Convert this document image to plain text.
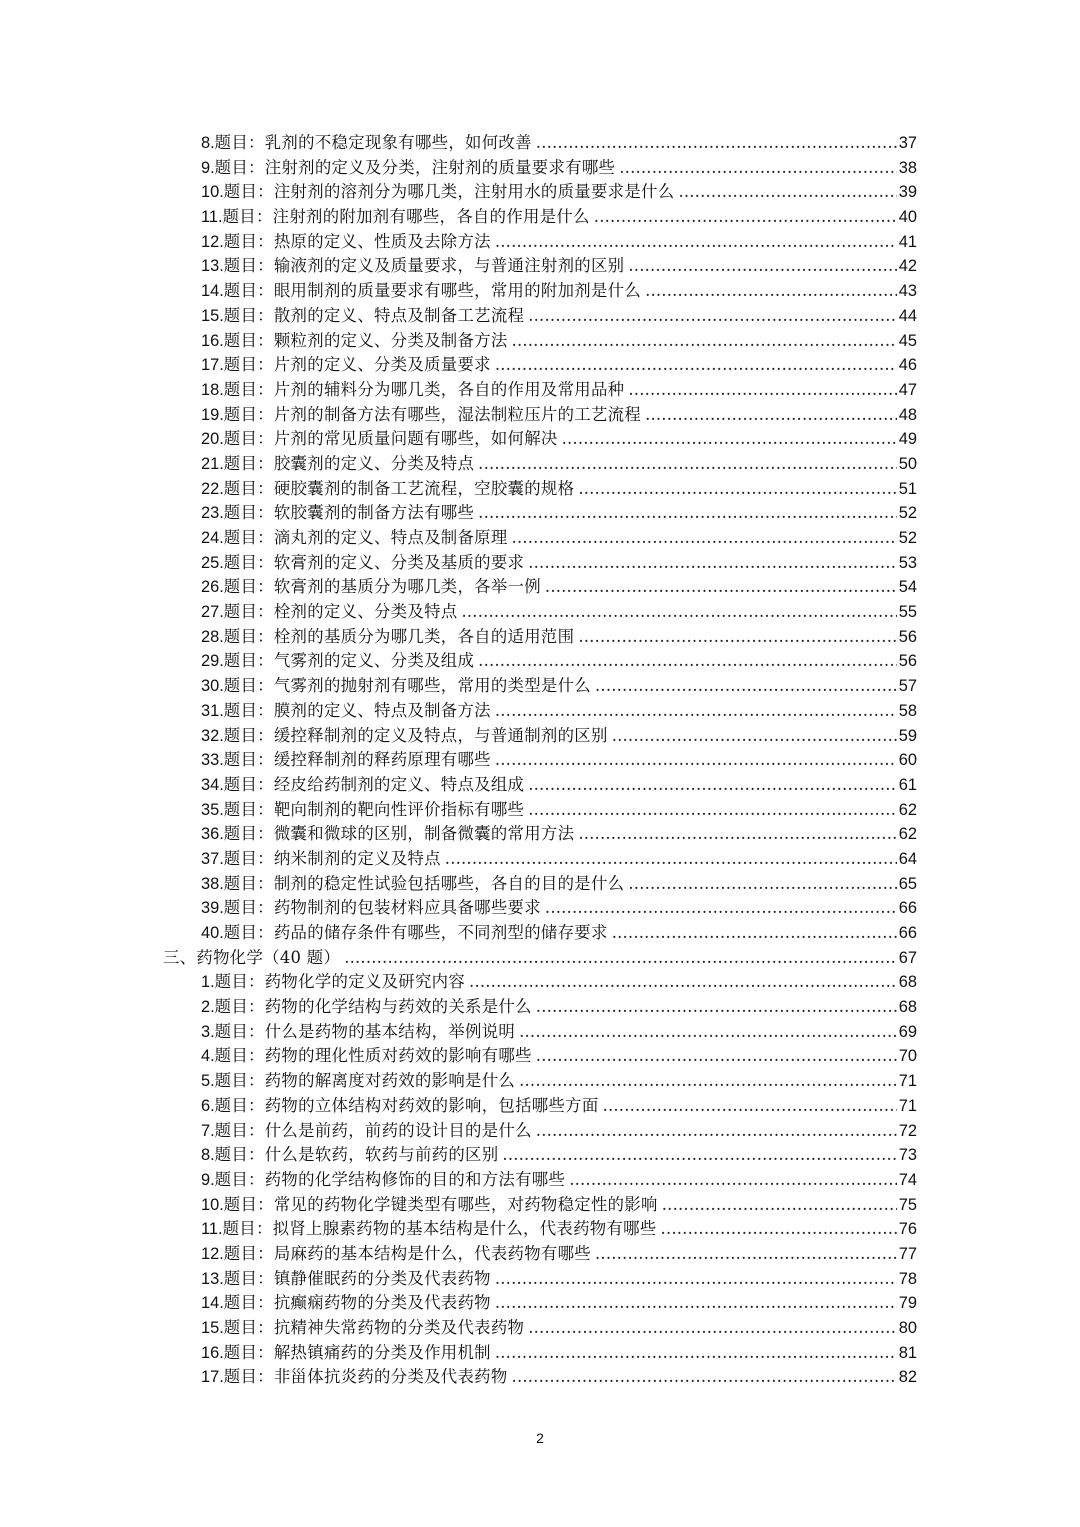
8. 题目：乳剂的不稳定现象有哪些，如何改善 .....	37
9. 题目：注射剂的定义及分类，注射剂的质量要求有哪些 .....	38
10. 题目：注射剂的溶剂分为哪几类，注射用水的质量要求是什么 .....	39
11. 题目：注射剂的附加剂有哪些，各自的作用是什么 .....	40
12. 题目：热原的定义、性质及去除方法 .....	41
13. 题目：输液剂的定义及质量要求，与普通注射剂的区别 .....	42
14. 题目：眼用制剂的质量要求有哪些，常用的附加剂是什么 .....	43
15. 题目：散剂的定义、特点及制备工艺流程 .....	44
16. 题目：颗粒剂的定义、分类及制备方法 .....	45
17. 题目：片剂的定义、分类及质量要求 .....	46
18. 题目：片剂的辅料分为哪几类，各自的作用及常用品种 .....	47
19. 题目：片剂的制备方法有哪些，湿法制粒压片的工艺流程 .....	48
20. 题目：片剂的常见质量问题有哪些，如何解决 .....	49
21. 题目：胶囊剂的定义、分类及特点 .....	50
22. 题目：硬胶囊剂的制备工艺流程，空胶囊的规格 .....	51
23. 题目：软胶囊剂的制备方法有哪些 .....	52
24. 题目：滴丸剂的定义、特点及制备原理 .....	52
25. 题目：软膏剂的定义、分类及基质的要求 .....	53
26. 题目：软膏剂的基质分为哪几类，各举一例 .....	54
27. 题目：栓剂的定义、分类及特点 .....	55
28. 题目：栓剂的基质分为哪几类，各自的适用范围 .....	56
29. 题目：气雾剂的定义、分类及组成 .....	56
30. 题目：气雾剂的抛射剂有哪些，常用的类型是什么 .....	57
31. 题目：膜剂的定义、特点及制备方法 .....	58
32. 题目：缓控释制剂的定义及特点，与普通制剂的区别 .....	59
33. 题目：缓控释制剂的释药原理有哪些 .....	60
34. 题目：经皮给药制剂的定义、特点及组成 .....	61
35. 题目：靶向制剂的靶向性评价指标有哪些 .....	62
36. 题目：微囊和微球的区别，制备微囊的常用方法 .....	62
37. 题目：纳米制剂的定义及特点 .....	64
38. 题目：制剂的稳定性试验包括哪些，各自的目的是什么 .....	65
39. 题目：药物制剂的包装材料应具备哪些要求 .....	66
40. 题目：药品的储存条件有哪些，不同剂型的储存要求 .....	66
三、药物化学（40 题） .....	67
1. 题目：药物化学的定义及研究内容 .....	68
2. 题目：药物的化学结构与药效的关系是什么 .....	68
3. 题目：什么是药物的基本结构，举例说明 .....	69
4. 题目：药物的理化性质对药效的影响有哪些 .....	70
5. 题目：药物的解离度对药效的影响是什么 .....	71
6. 题目：药物的立体结构对药效的影响，包括哪些方面 .....	71
7. 题目：什么是前药，前药的设计目的是什么 .....	72
8. 题目：什么是软药，软药与前药的区别 .....	73
9. 题目：药物的化学结构修饰的目的和方法有哪些 .....	74
10. 题目：常见的药物化学键类型有哪些，对药物稳定性的影响 .....	75
11. 题目：拟肾上腺素药物的基本结构是什么，代表药物有哪些 .....	76
12. 题目：局麻药的基本结构是什么，代表药物有哪些 .....	77
13. 题目：镇静催眠药的分类及代表药物 .....	78
14. 题目：抗癫痫药物的分类及代表药物 .....	79
15. 题目：抗精神失常药物的分类及代表药物 .....	80
16. 题目：解热镇痛药的分类及作用机制 .....	81
17. 题目：非甾体抗炎药的分类及代表药物 .....	82
2
